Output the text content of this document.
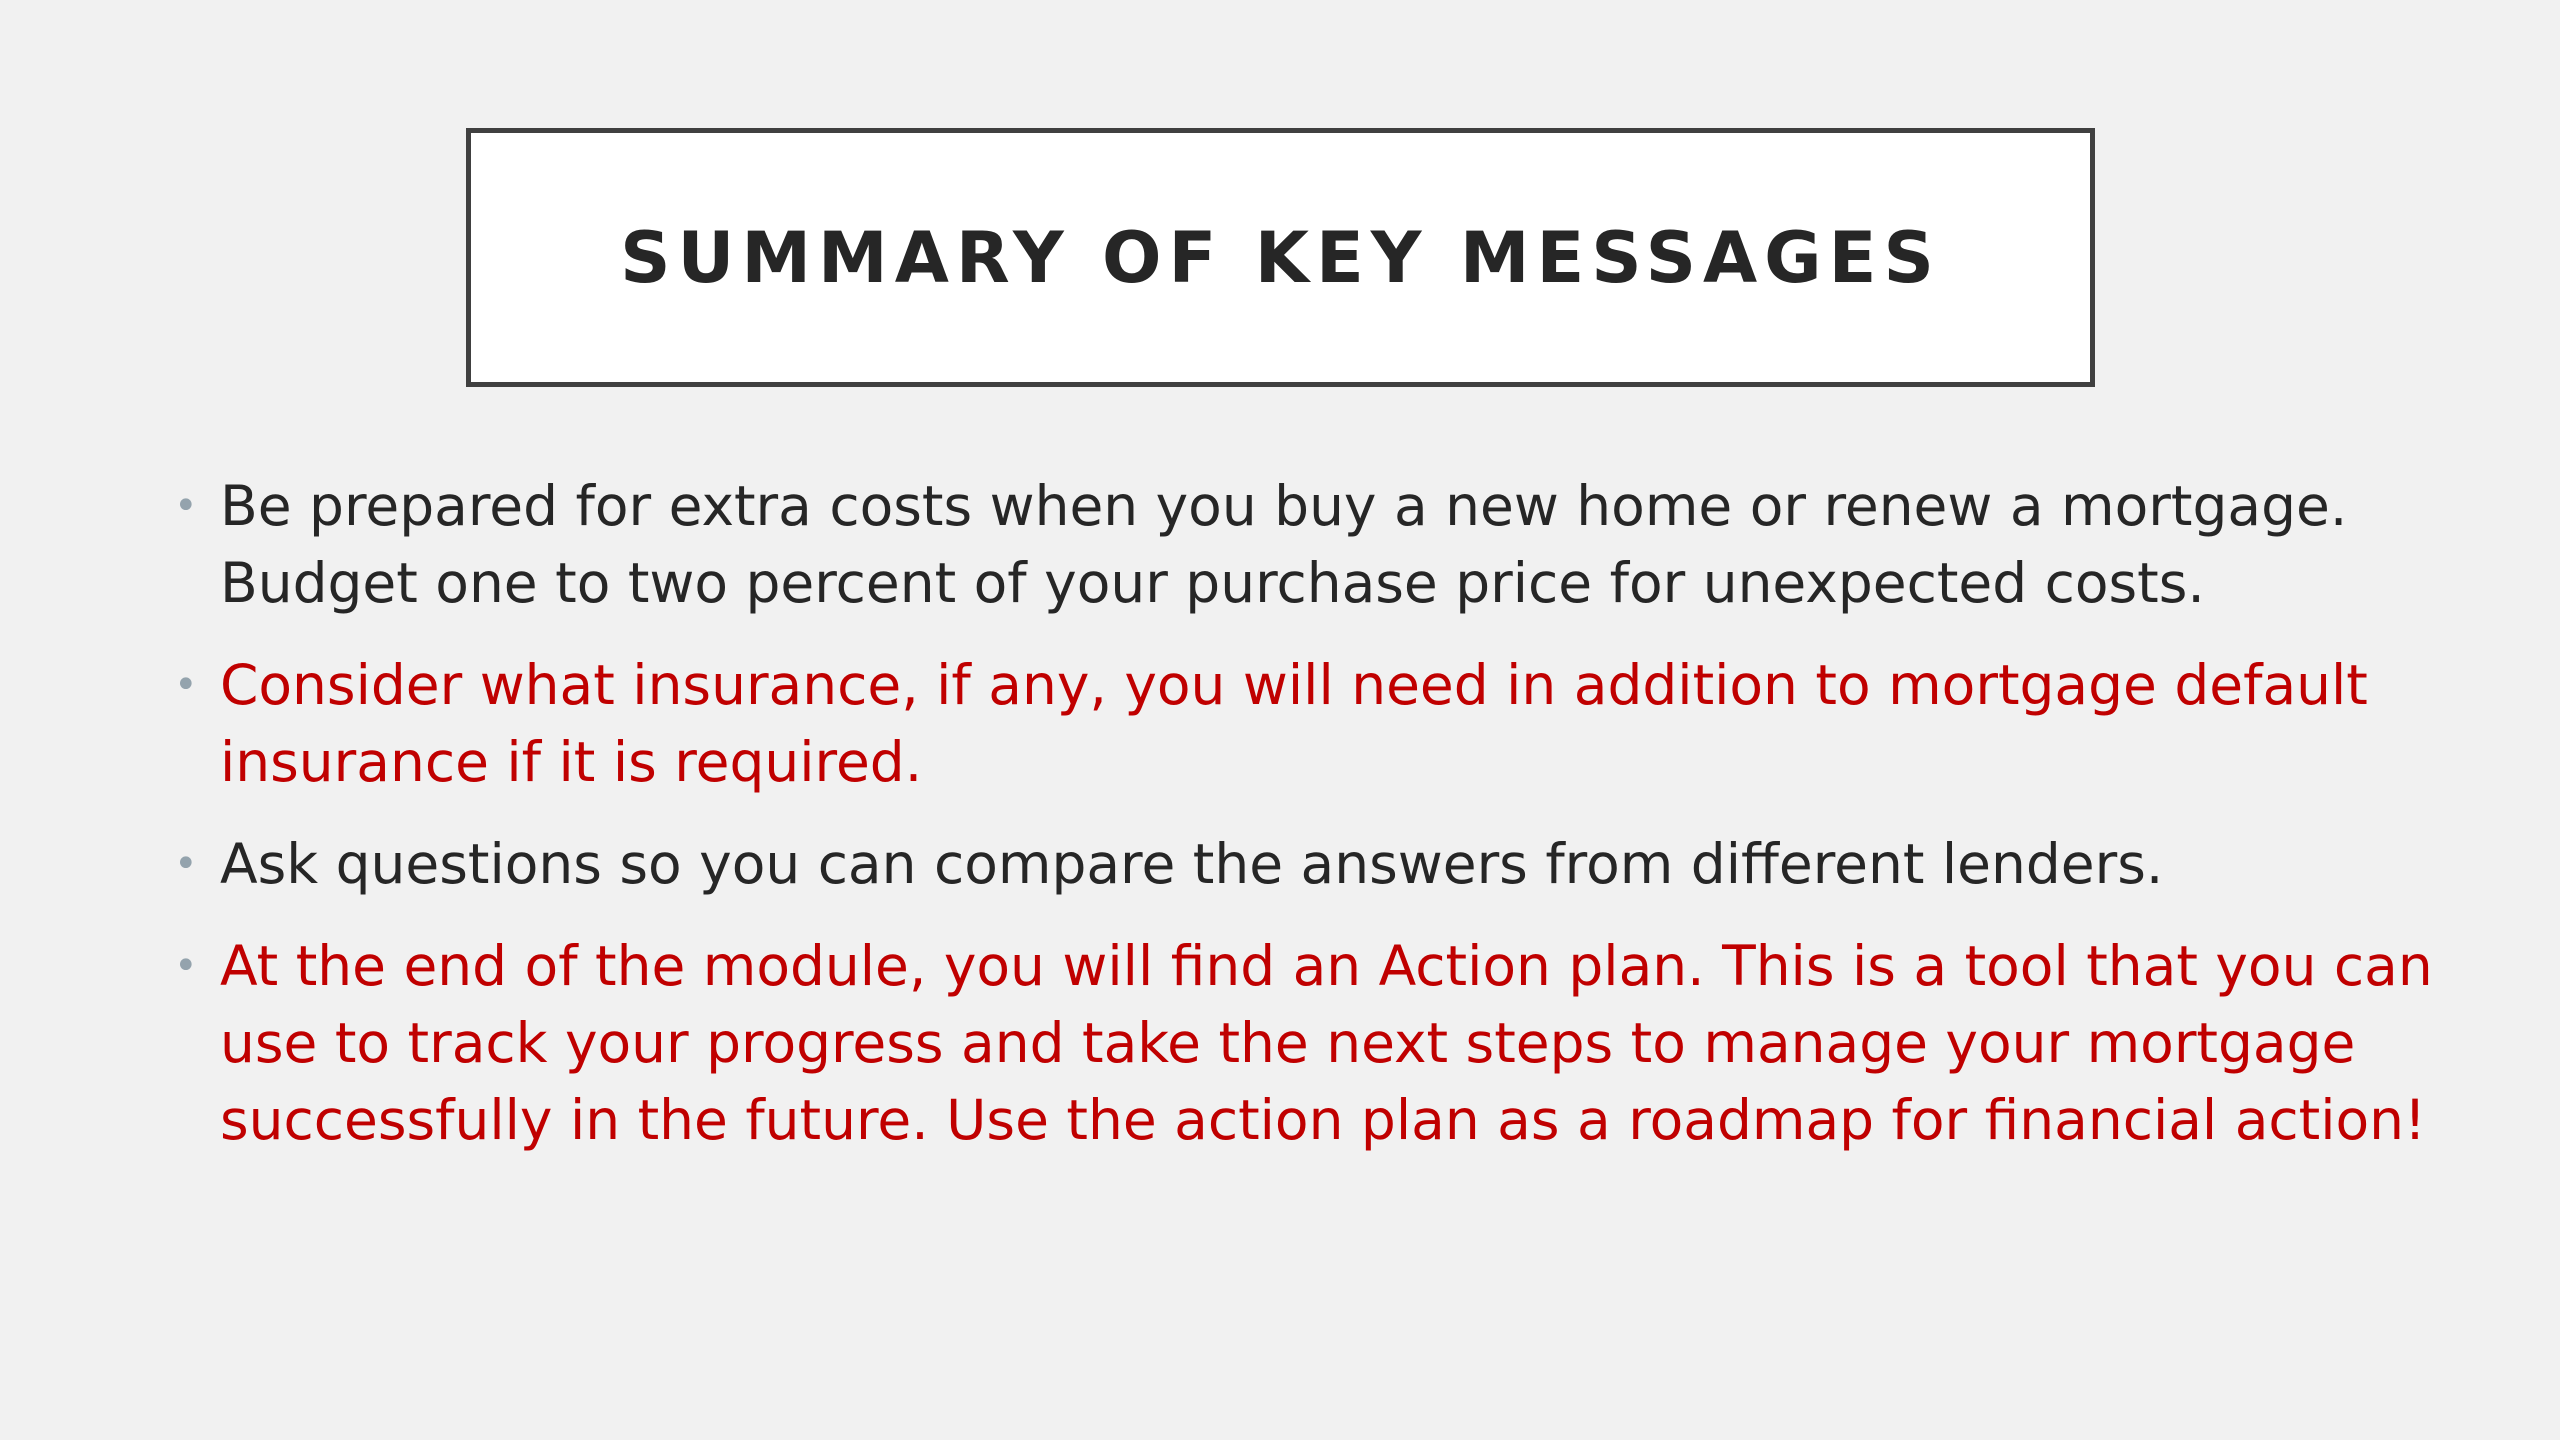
SUMMARY OF KEY MESSAGES
• Be prepared for extra costs when you buy a new home or renew a mortgage.
Budget one to two percent of your purchase price for unexpected costs.
• Consider what insurance, if any, you will need in addition to mortgage default
insurance if it is required.
• Ask questions so you can compare the answers from different lenders.
• At the end of the module, you will find an Action plan. This is a tool that you can
use to track your progress and take the next steps to manage your mortgage
successfully in the future. Use the action plan as a roadmap for financial action!
